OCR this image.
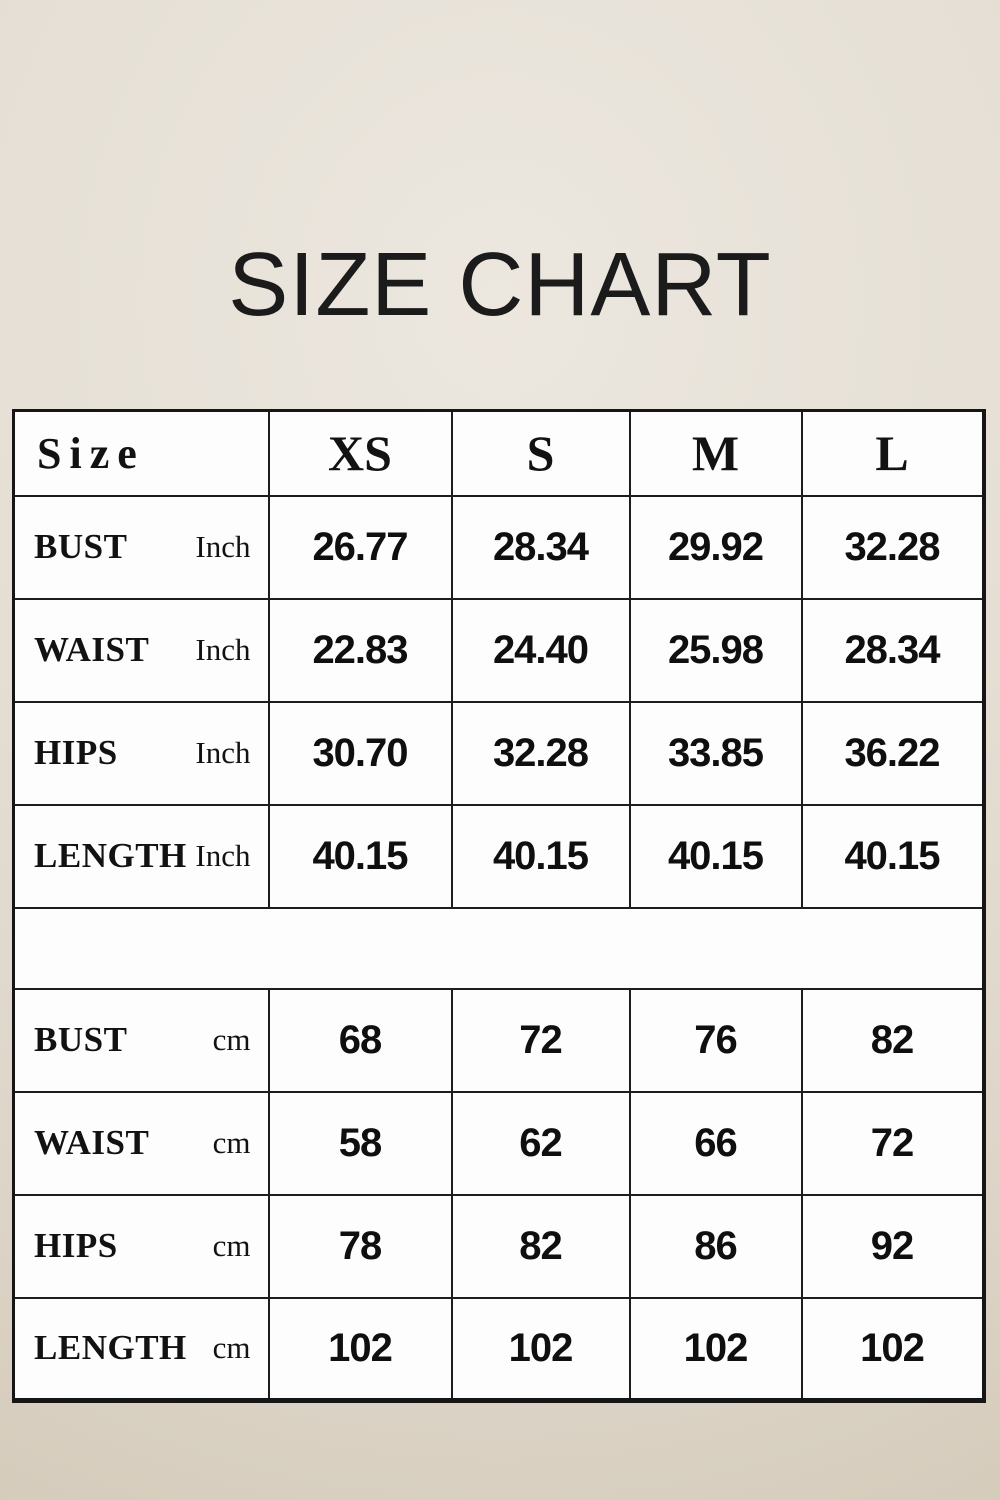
SIZE CHART
Size	XS	S	M	L

BUST Inch	26.77	28.34	29.92	32.28

WAIST Inch	22.83	24.40	25.98	28.34

HIPS Inch	30.70	32.28	33.85	36.22

LENGTH Inch	40.15	40.15	40.15	40.15

BUST cm	68	72	76	82

WAIST cm	58	62	66	72

HIPS cm	78	82	86	92

LENGTH cm	102	102	102	102
